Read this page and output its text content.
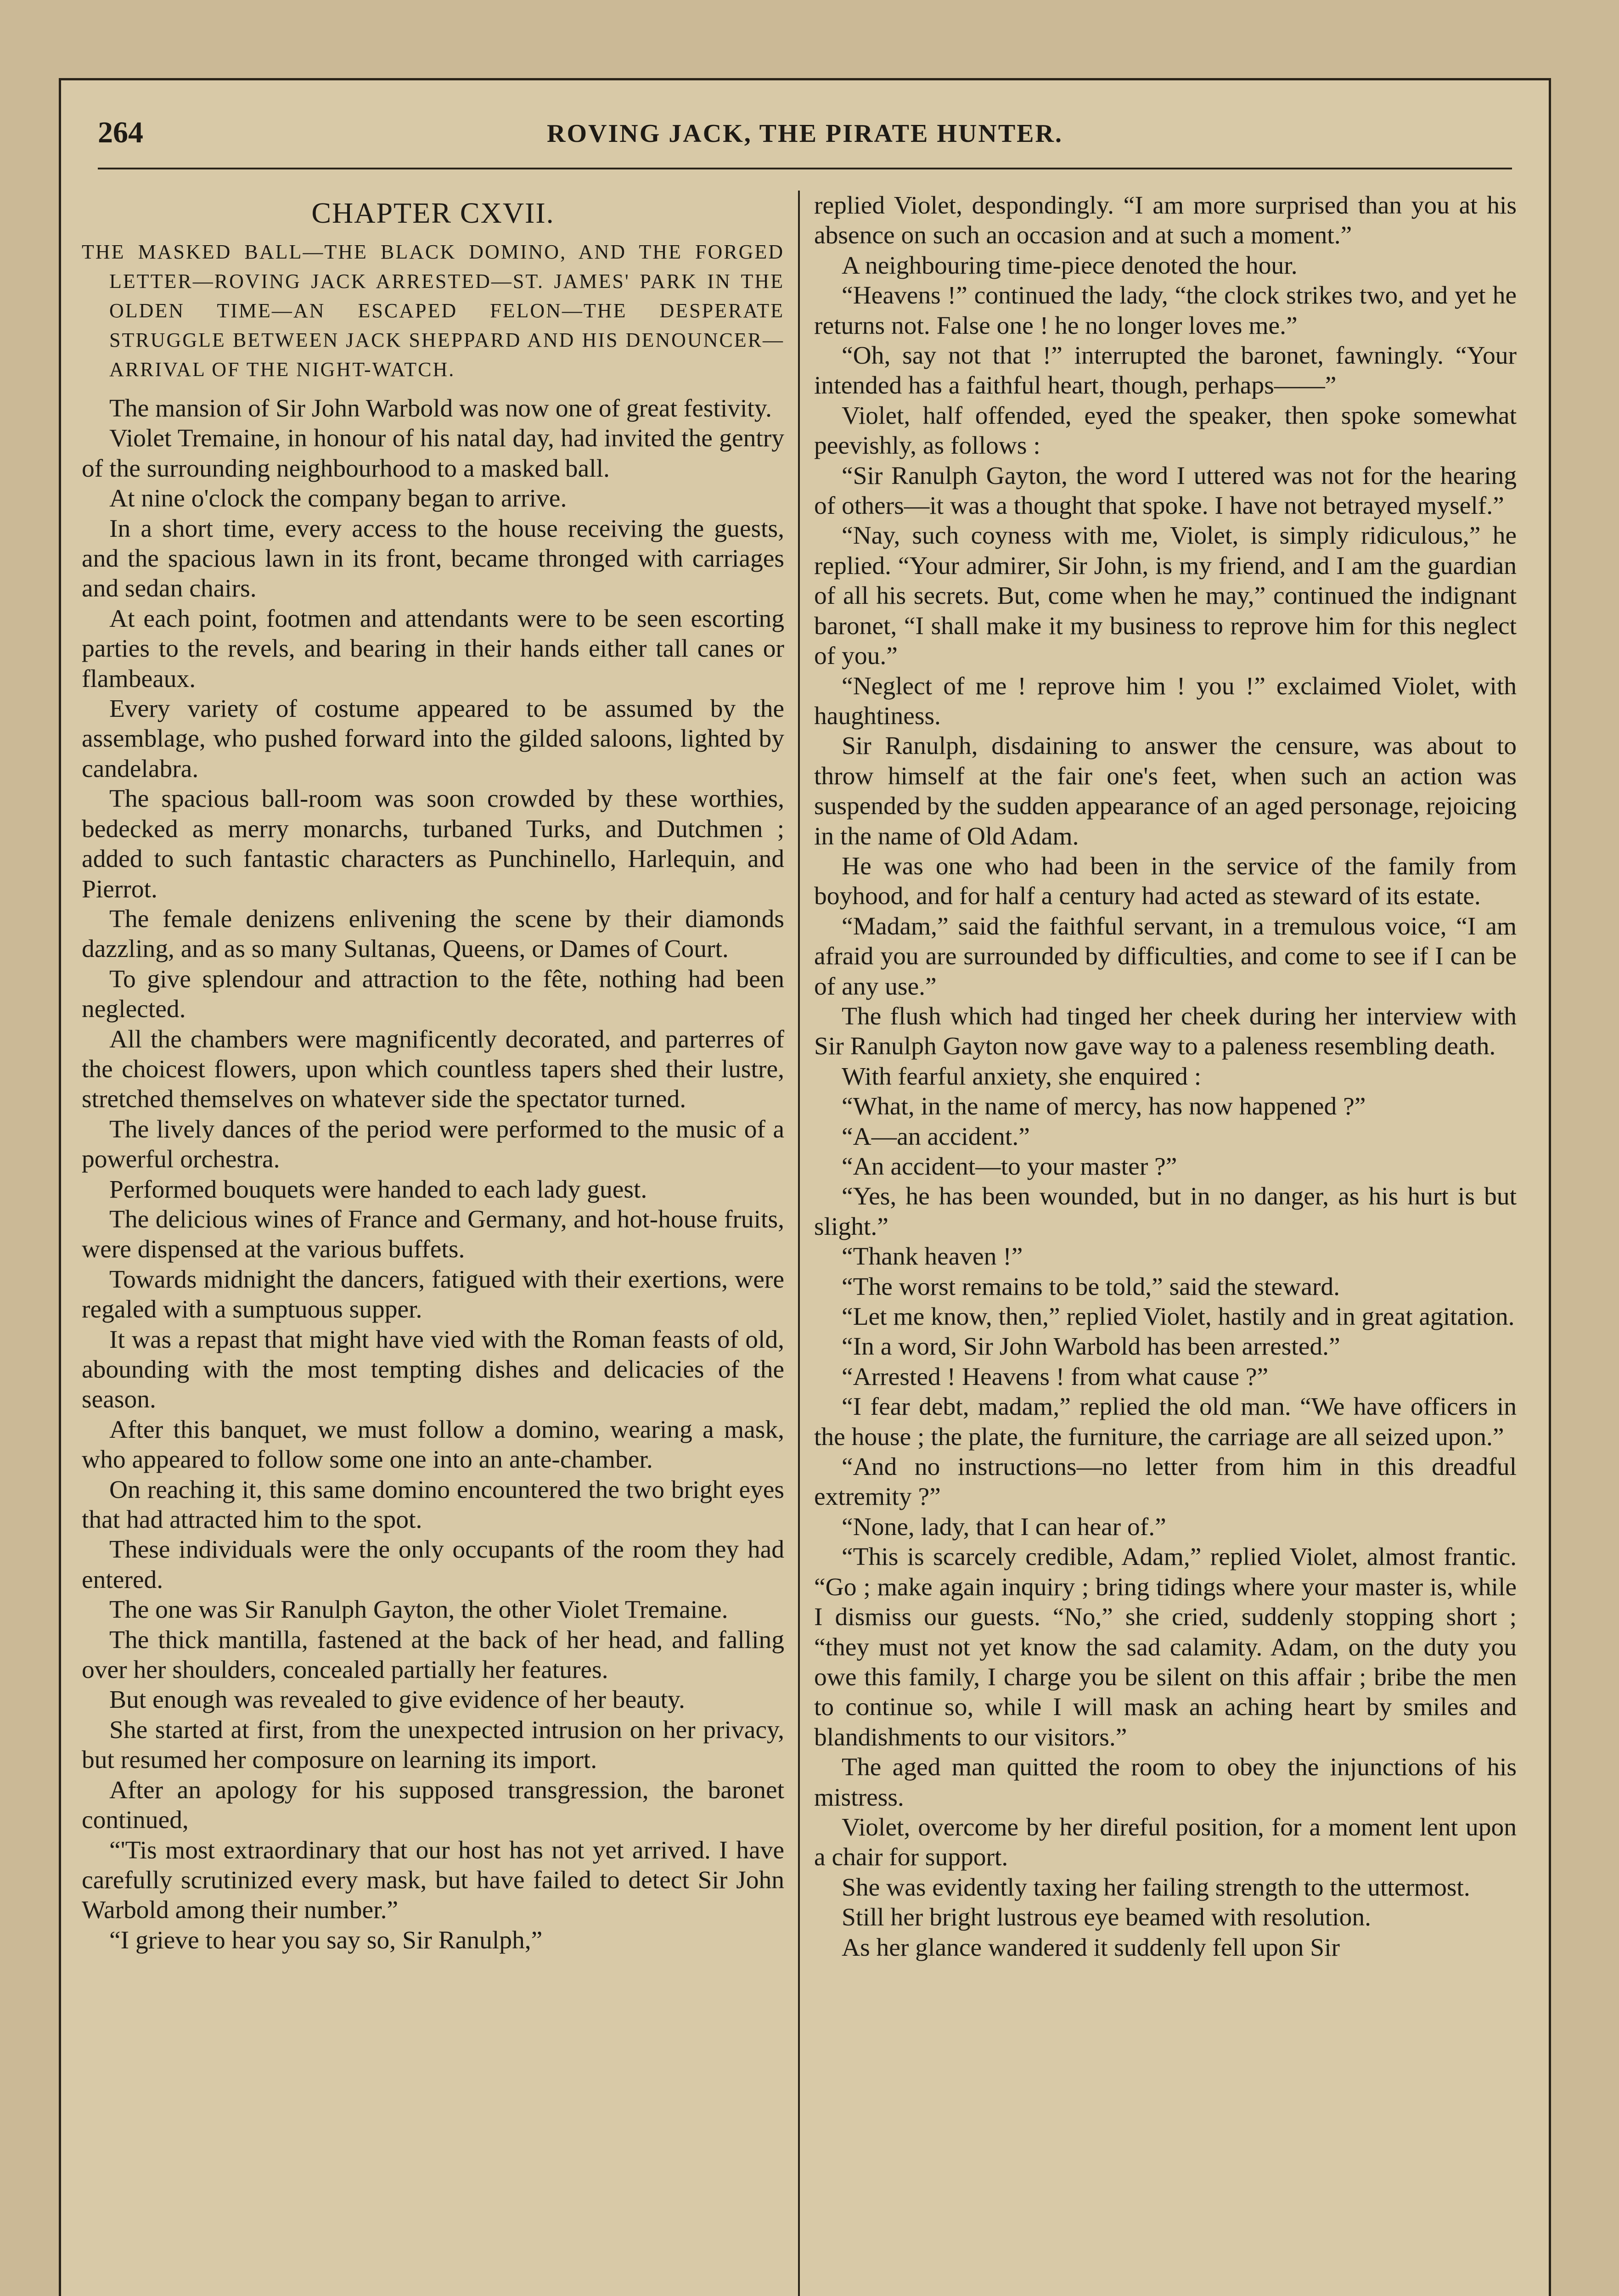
264	ROVING JACK, THE PIRATE HUNTER.
CHAPTER CXVII.
THE MASKED BALL—THE BLACK DOMINO, AND THE FORGED LETTER—ROVING JACK ARRESTED—ST. JAMES' PARK IN THE OLDEN TIME—AN ESCAPED FELON—THE DESPERATE STRUGGLE BETWEEN JACK SHEPPARD AND HIS DENOUNCER—ARRIVAL OF THE NIGHT-WATCH.

The mansion of Sir John Warbold was now one of great festivity.

Violet Tremaine, in honour of his natal day, had invited the gentry of the surrounding neighbourhood to a masked ball.

At nine o'clock the company began to arrive.

In a short time, every access to the house receiving the guests, and the spacious lawn in its front, became thronged with carriages and sedan chairs.

At each point, footmen and attendants were to be seen escorting parties to the revels, and bearing in their hands either tall canes or flambeaux.

Every variety of costume appeared to be assumed by the assemblage, who pushed forward into the gilded saloons, lighted by candelabra.

The spacious ball-room was soon crowded by these worthies, bedecked as merry monarchs, turbaned Turks, and Dutchmen ; added to such fantastic characters as Punchinello, Harlequin, and Pierrot.

The female denizens enlivening the scene by their diamonds dazzling, and as so many Sultanas, Queens, or Dames of Court.

To give splendour and attraction to the fête, nothing had been neglected.

All the chambers were magnificently decorated, and parterres of the choicest flowers, upon which countless tapers shed their lustre, stretched themselves on whatever side the spectator turned.

The lively dances of the period were performed to the music of a powerful orchestra.

Performed bouquets were handed to each lady guest.

The delicious wines of France and Germany, and hot-house fruits, were dispensed at the various buffets.

Towards midnight the dancers, fatigued with their exertions, were regaled with a sumptuous supper.

It was a repast that might have vied with the Roman feasts of old, abounding with the most tempting dishes and delicacies of the season.

After this banquet, we must follow a domino, wearing a mask, who appeared to follow some one into an ante-chamber.

On reaching it, this same domino encountered the two bright eyes that had attracted him to the spot.

These individuals were the only occupants of the room they had entered.

The one was Sir Ranulph Gayton, the other Violet Tremaine.

The thick mantilla, fastened at the back of her head, and falling over her shoulders, concealed partially her features.

But enough was revealed to give evidence of her beauty.

She started at first, from the unexpected intrusion on her privacy, but resumed her composure on learning its import.

After an apology for his supposed transgression, the baronet continued,

“'Tis most extraordinary that our host has not yet arrived. I have carefully scrutinized every mask, but have failed to detect Sir John Warbold among their number.”

“I grieve to hear you say so, Sir Ranulph,”

replied Violet, despondingly. “I am more surprised than you at his absence on such an occasion and at such a moment.”

A neighbouring time-piece denoted the hour.

“Heavens !” continued the lady, “the clock strikes two, and yet he returns not. False one ! he no longer loves me.”

“Oh, say not that !” interrupted the baronet, fawningly. “Your intended has a faithful heart, though, perhaps——”

Violet, half offended, eyed the speaker, then spoke somewhat peevishly, as follows :

“Sir Ranulph Gayton, the word I uttered was not for the hearing of others—it was a thought that spoke. I have not betrayed myself.”

“Nay, such coyness with me, Violet, is simply ridiculous,” he replied. “Your admirer, Sir John, is my friend, and I am the guardian of all his secrets. But, come when he may,” continued the indignant baronet, “I shall make it my business to reprove him for this neglect of you.”

“Neglect of me ! reprove him ! you !” exclaimed Violet, with haughtiness.

Sir Ranulph, disdaining to answer the censure, was about to throw himself at the fair one's feet, when such an action was suspended by the sudden appearance of an aged personage, rejoicing in the name of Old Adam.

He was one who had been in the service of the family from boyhood, and for half a century had acted as steward of its estate.

“Madam,” said the faithful servant, in a tremulous voice, “I am afraid you are surrounded by difficulties, and come to see if I can be of any use.”

The flush which had tinged her cheek during her interview with Sir Ranulph Gayton now gave way to a paleness resembling death.

With fearful anxiety, she enquired :

“What, in the name of mercy, has now happened ?”

“A—an accident.”

“An accident—to your master ?”

“Yes, he has been wounded, but in no danger, as his hurt is but slight.”

“Thank heaven !”

“The worst remains to be told,” said the steward.

“Let me know, then,” replied Violet, hastily and in great agitation.

“In a word, Sir John Warbold has been arrested.”

“Arrested ! Heavens ! from what cause ?”

“I fear debt, madam,” replied the old man. “We have officers in the house ; the plate, the furniture, the carriage are all seized upon.”

“And no instructions—no letter from him in this dreadful extremity ?”

“None, lady, that I can hear of.”

“This is scarcely credible, Adam,” replied Violet, almost frantic. “Go ; make again inquiry ; bring tidings where your master is, while I dismiss our guests. “No,” she cried, suddenly stopping short ; “they must not yet know the sad calamity. Adam, on the duty you owe this family, I charge you be silent on this affair ; bribe the men to continue so, while I will mask an aching heart by smiles and blandishments to our visitors.”

The aged man quitted the room to obey the injunctions of his mistress.

Violet, overcome by her direful position, for a moment lent upon a chair for support.

She was evidently taxing her failing strength to the uttermost.

Still her bright lustrous eye beamed with resolution.

As her glance wandered it suddenly fell upon Sir
